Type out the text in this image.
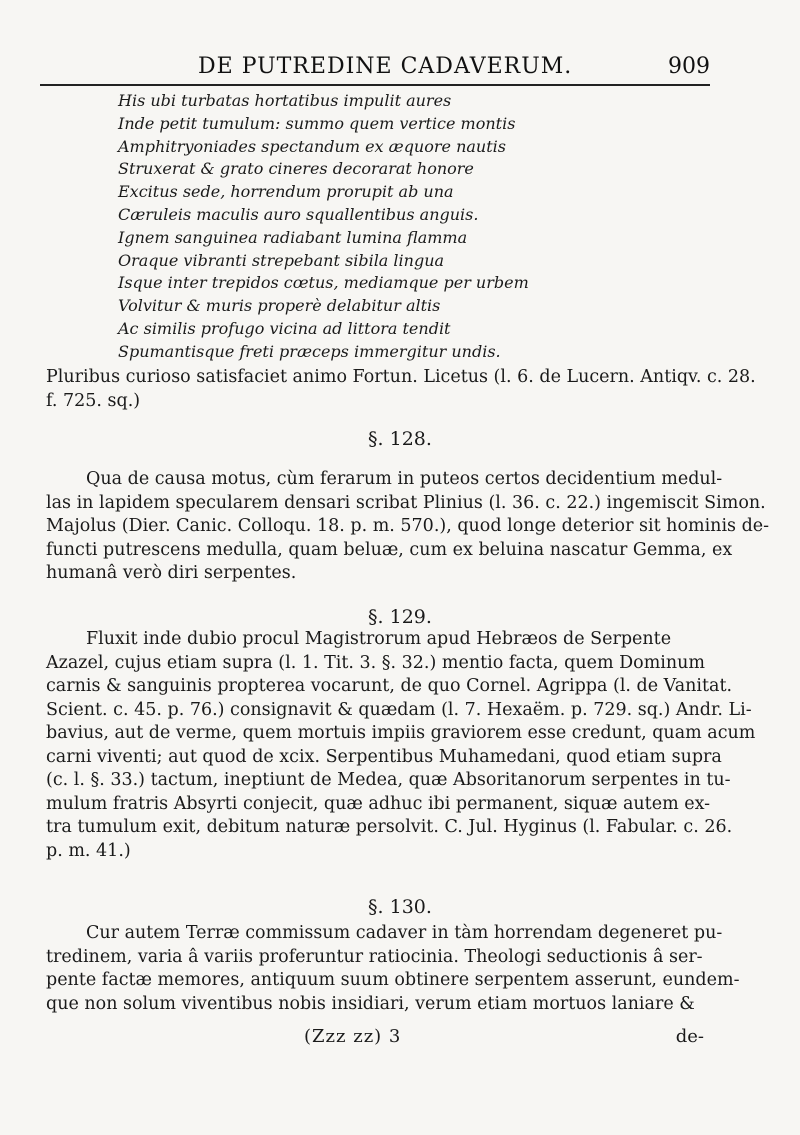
DE PUTREDINE CADAVERUM.	909
His ubi turbatas hortatibus impulit aures
Inde petit tumulum: summo quem vertice montis
Amphitryoniades spectandum ex æquore nautis
Struxerat & grato cineres decorarat honore
Excitus sede, horrendum prorupit ab una
Cæruleis maculis auro squallentibus anguis.
Ignem sanguinea radiabant lumina flamma
Oraque vibranti strepebant sibila lingua
Isque inter trepidos cœtus, mediamque per urbem
Volvitur & muris properè delabitur altis
Ac similis profugo vicina ad littora tendit
Spumantisque freti præceps immergitur undis.
Pluribus curioso satisfaciet animo Fortun. Licetus (l. 6. de Lucern. Antiqv. c. 28.
f. 725. sq.)
§. 128.
Qua de causa motus, cùm ferarum in puteos certos decidentium medul-
las in lapidem specularem densari scribat Plinius (l. 36. c. 22.) ingemiscit Simon.
Majolus (Dier. Canic. Colloqu. 18. p. m. 570.), quod longe deterior sit hominis de-
functi putrescens medulla, quam beluæ, cum ex beluina nascatur Gemma, ex
humanâ verò diri serpentes.
§. 129.
Fluxit inde dubio procul Magistrorum apud Hebræos de Serpente
Azazel, cujus etiam supra (l. 1. Tit. 3. §. 32.) mentio facta, quem Dominum
carnis & sanguinis propterea vocarunt, de quo Cornel. Agrippa (l. de Vanitat.
Scient. c. 45. p. 76.) consignavit & quædam (l. 7. Hexaëm. p. 729. sq.) Andr. Li-
bavius, aut de verme, quem mortuis impiis graviorem esse credunt, quam acum
carni viventi; aut quod de xcix. Serpentibus Muhamedani, quod etiam supra
(c. l. §. 33.) tactum, ineptiunt de Medea, quæ Absoritanorum serpentes in tu-
mulum fratris Absyrti conjecit, quæ adhuc ibi permanent, siquæ autem ex-
tra tumulum exit, debitum naturæ persolvit. C. Jul. Hyginus (l. Fabular. c. 26.
p. m. 41.)
§. 130.
Cur autem Terræ commissum cadaver in tàm horrendam degeneret pu-
tredinem, varia â variis proferuntur ratiocinia. Theologi seductionis â ser-
pente factæ memores, antiquum suum obtinere serpentem asserunt, eundem-
que non solum viventibus nobis insidiari, verum etiam mortuos laniare &
(Zzz zz) 3	de-
